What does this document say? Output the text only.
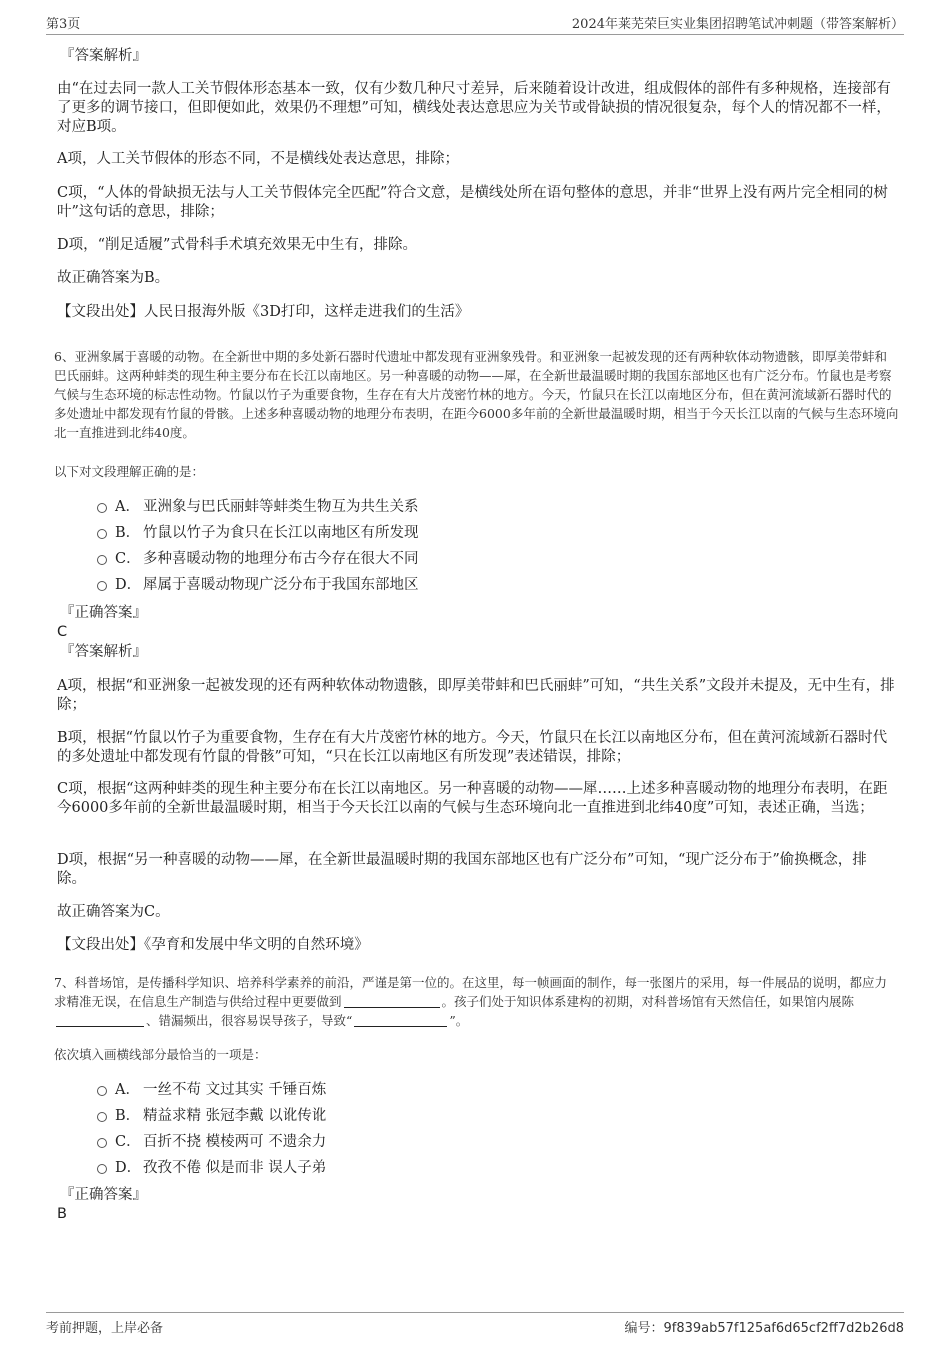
第3页	2024年莱芜荣巨实业集团招聘笔试冲刺题（带答案解析）
『答案解析』

由“在过去同一款人工关节假体形态基本一致，仅有少数几种尺寸差异，后来随着设计改进，组成假体的部件有多种规格，连接部有了更多的调节接口，但即便如此，效果仍不理想”可知，横线处表达意思应为关节或骨缺损的情况很复杂，每个人的情况都不一样，对应B项。

A项，人工关节假体的形态不同，不是横线处表达意思，排除；

C项，“人体的骨缺损无法与人工关节假体完全匹配”符合文意，是横线处所在语句整体的意思，并非“世界上没有两片完全相同的树叶”这句话的意思，排除；

D项，“削足适履”式骨科手术填充效果无中生有，排除。

故正确答案为B。

【文段出处】人民日报海外版《3D打印，这样走进我们的生活》

6、亚洲象属于喜暖的动物。在全新世中期的多处新石器时代遗址中都发现有亚洲象残骨。和亚洲象一起被发现的还有两种软体动物遗骸，即厚美带蚌和巴氏丽蚌。这两种蚌类的现生种主要分布在长江以南地区。另一种喜暖的动物——犀，在全新世最温暖时期的我国东部地区也有广泛分布。竹鼠也是考察气候与生态环境的标志性动物。竹鼠以竹子为重要食物，生存在有大片茂密竹林的地方。今天，竹鼠只在长江以南地区分布，但在黄河流域新石器时代的多处遗址中都发现有竹鼠的骨骸。上述多种喜暖动物的地理分布表明，在距今6000多年前的全新世最温暖时期，相当于今天长江以南的气候与生态环境向北一直推进到北纬40度。

以下对文段理解正确的是：

A． 亚洲象与巴氏丽蚌等蚌类生物互为共生关系
B． 竹鼠以竹子为食只在长江以南地区有所发现
C． 多种喜暖动物的地理分布古今存在很大不同
D． 犀属于喜暖动物现广泛分布于我国东部地区
『正确答案』
C
『答案解析』

A项，根据“和亚洲象一起被发现的还有两种软体动物遗骸，即厚美带蚌和巴氏丽蚌”可知，“共生关系”文段并未提及，无中生有，排除；

B项，根据“竹鼠以竹子为重要食物，生存在有大片茂密竹林的地方。今天，竹鼠只在长江以南地区分布，但在黄河流域新石器时代的多处遗址中都发现有竹鼠的骨骸”可知，“只在长江以南地区有所发现”表述错误，排除；

C项，根据“这两种蚌类的现生种主要分布在长江以南地区。另一种喜暖的动物——犀……上述多种喜暖动物的地理分布表明，在距今6000多年前的全新世最温暖时期，相当于今天长江以南的气候与生态环境向北一直推进到北纬40度”可知，表述正确，当选；

D项，根据“另一种喜暖的动物——犀，在全新世最温暖时期的我国东部地区也有广泛分布”可知，“现广泛分布于”偷换概念，排除。

故正确答案为C。

【文段出处】《孕育和发展中华文明的自然环境》

7、科普场馆，是传播科学知识、培养科学素养的前沿，严谨是第一位的。在这里，每一帧画面的制作，每一张图片的采用，每一件展品的说明，都应力求精准无误，在信息生产制造与供给过程中更要做到	。孩子们处于知识体系建构的初期，对科普场馆有天然信任，如果馆内展陈、错漏频出，很容易误导孩子，导致“	”。

依次填入画横线部分最恰当的一项是：

A． 一丝不苟 文过其实 千锤百炼
B． 精益求精 张冠李戴 以讹传讹
C． 百折不挠 模棱两可 不遗余力
D． 孜孜不倦 似是而非 误人子弟
『正确答案』
B
考前押题，上岸必备	编号：9f839ab57f125af6d65cf2ff7d2b26d8
